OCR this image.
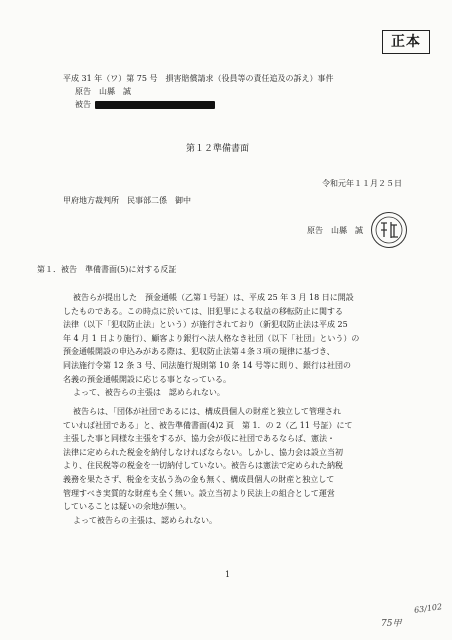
正本
平成 31 年（ワ）第 75 号　損害賠償請求（役員等の責任追及の訴え）事件
原告　山縣　誠
被告
第１２準備書面
令和元年１１月２５日
甲府地方裁判所　民事部二係　御中
原告　山縣　誠
第１．被告　準備書面(5)に対する反証
被告らが提出した　預金通帳（乙第１号証）は、平成 25 年 3 月 18 日に開設
したものである。この時点に於いては、旧犯罪による収益の移転防止に関する
法律（以下「犯収防止法」という）が施行されており（新犯収防止法は平成 25
年 4 月 1 日より施行）、顧客より銀行へ法人格なき社団（以下「社団」という）の
預金通帳開設の申込みがある際は、犯収防止法第４条３項の規律に基づき、
同法施行令第 12 条 3 号、同法施行規則第 10 条 14 号等に則り、銀行は社団の
名義の預金通帳開設に応じる事となっている。
よって、被告らの主張は　認められない。
被告らは、「団体が社団であるには、構成員個人の財産と独立して管理され
ていれば社団である」と、被告準備書面(4)2 頁　第 1．の 2（乙 11 号証）にて
主張した事と同様な主張をするが、協力会が仮に社団であるならば、憲法・
法律に定められた税金を納付しなければならない。しかし、協力会は設立当初
より、住民税等の税金を一切納付していない。被告らは憲法で定められた納税
義務を果たさず、税金を支払う為の金も無く、構成員個人の財産と独立して
管理すべき実質的な財産も全く無い。設立当初より民法上の組合として運営
していることは疑いの余地が無い。
よって被告らの主張は、認められない。
1
75甲
63/102
